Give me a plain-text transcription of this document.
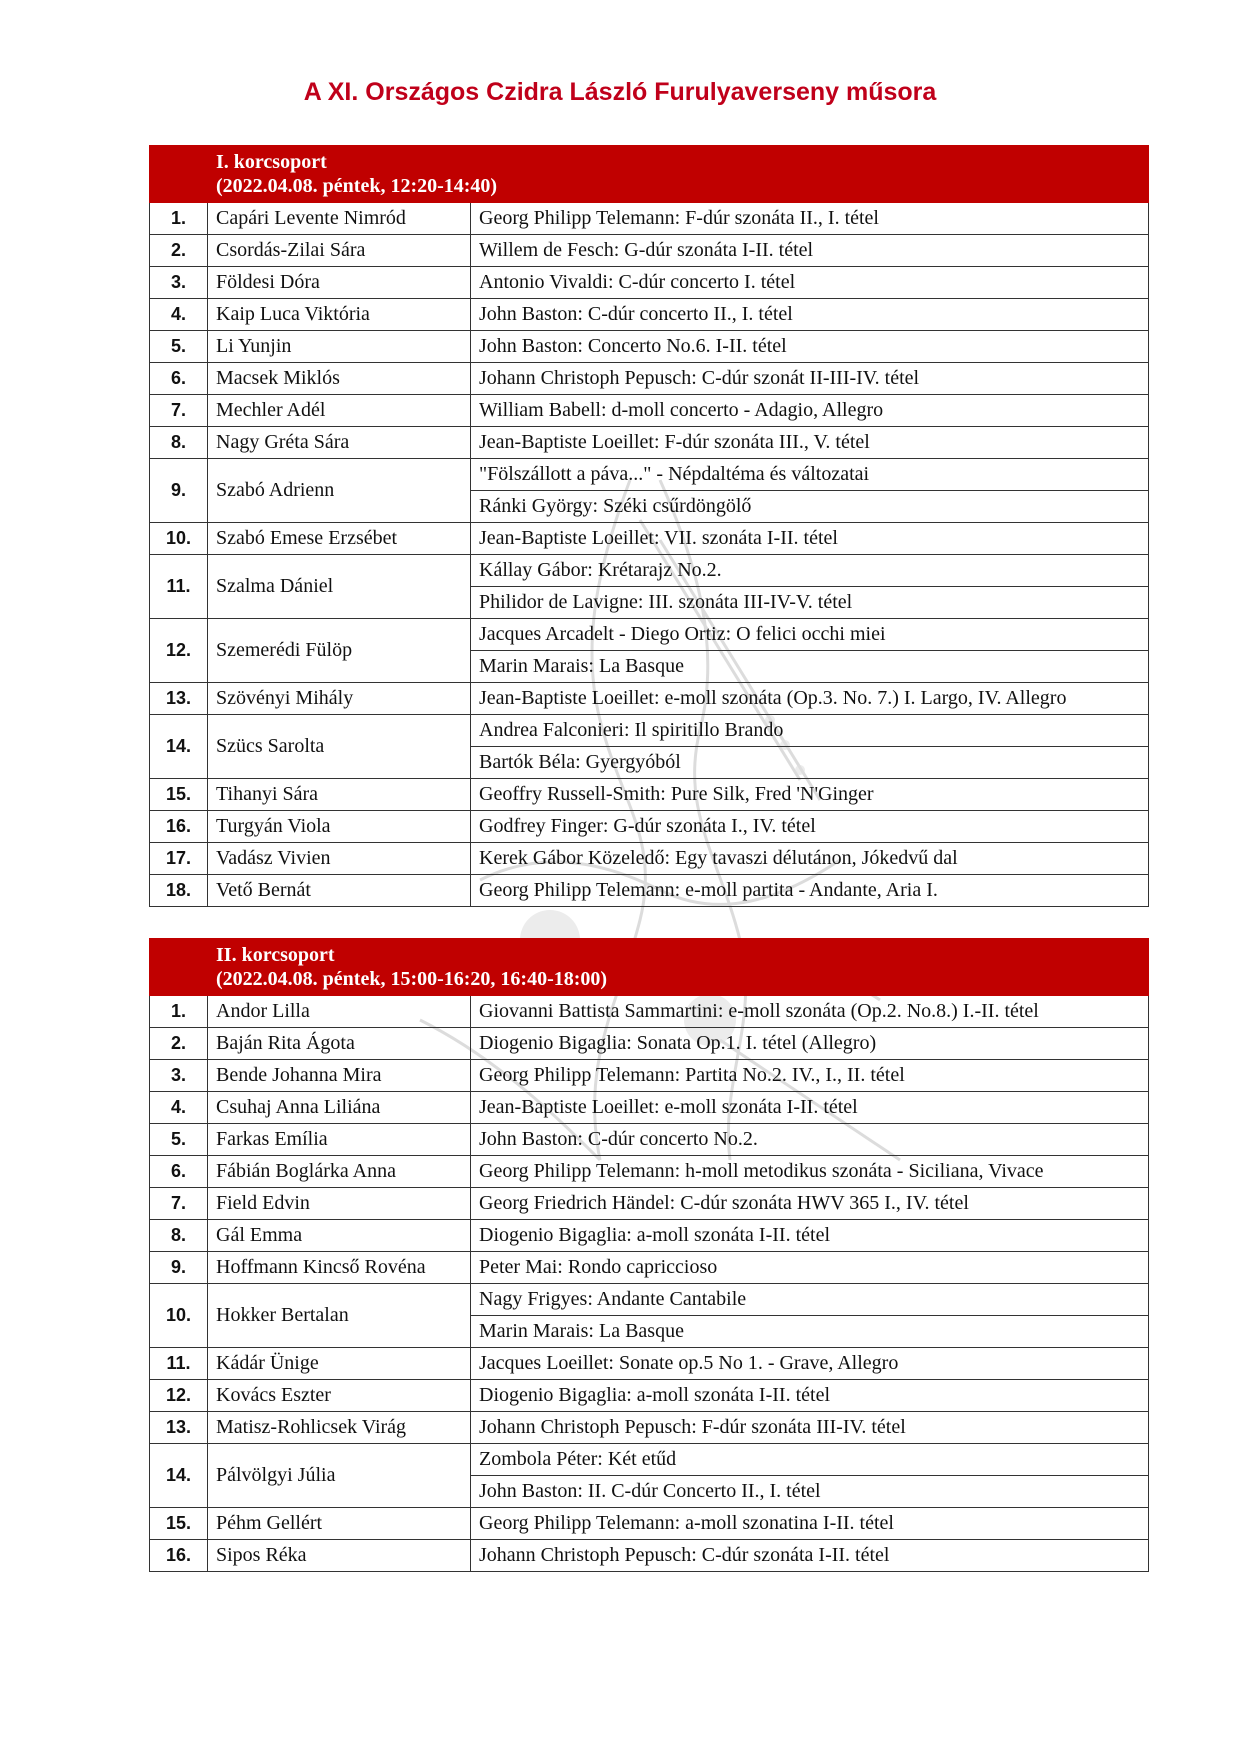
A XI. Országos Czidra László Furulyaverseny műsora

	I. korcsoport
(2022.04.08. péntek, 12:20-14:40)	

1.	Capári Levente Nimród	Georg Philipp Telemann: F-dúr szonáta II., I. tétel
2.	Csordás-Zilai Sára	Willem de Fesch: G-dúr szonáta I-II. tétel
3.	Földesi Dóra	Antonio Vivaldi: C-dúr concerto I. tétel
4.	Kaip Luca Viktória	John Baston: C-dúr concerto II., I. tétel
5.	Li Yunjin	John Baston: Concerto No.6. I-II. tétel
6.	Macsek Miklós	Johann Christoph Pepusch: C-dúr szonát II-III-IV. tétel
7.	Mechler Adél	William Babell: d-moll concerto - Adagio, Allegro
8.	Nagy Gréta Sára	Jean-Baptiste Loeillet: F-dúr szonáta III., V. tétel
9.	Szabó Adrienn	"Fölszállott a páva..." - Népdaltéma és változatai
		Ránki György: Széki csűrdöngölő
10.	Szabó Emese Erzsébet	Jean-Baptiste Loeillet: VII. szonáta I-II. tétel
11.	Szalma Dániel	Kállay Gábor: Krétarajz No.2.
		Philidor de Lavigne: III. szonáta III-IV-V. tétel
12.	Szemerédi Fülöp	Jacques Arcadelt - Diego Ortiz: O felici occhi miei
		Marin Marais: La Basque
13.	Szövényi Mihály	Jean-Baptiste Loeillet: e-moll szonáta (Op.3. No. 7.) I. Largo, IV. Allegro
14.	Szücs Sarolta	Andrea Falconieri: Il spiritillo Brando
		Bartók Béla: Gyergyóból
15.	Tihanyi Sára	Geoffry Russell-Smith: Pure Silk, Fred 'N'Ginger
16.	Turgyán Viola	Godfrey Finger: G-dúr szonáta I., IV. tétel
17.	Vadász Vivien	Kerek Gábor Közeledő: Egy tavaszi délutánon, Jókedvű dal
18.	Vető Bernát	Georg Philipp Telemann: e-moll partita - Andante, Aria I.

	II. korcsoport
(2022.04.08. péntek, 15:00-16:20, 16:40-18:00)	

1.	Andor Lilla	Giovanni Battista Sammartini: e-moll szonáta (Op.2. No.8.) I.-II. tétel
2.	Baján Rita Ágota	Diogenio Bigaglia: Sonata Op.1. I. tétel (Allegro)
3.	Bende Johanna Mira	Georg Philipp Telemann: Partita No.2. IV., I., II. tétel
4.	Csuhaj Anna Liliána	Jean-Baptiste Loeillet: e-moll szonáta I-II. tétel
5.	Farkas Emília	John Baston: C-dúr concerto No.2.
6.	Fábián Boglárka Anna	Georg Philipp Telemann: h-moll metodikus szonáta - Siciliana, Vivace
7.	Field Edvin	Georg Friedrich Händel: C-dúr szonáta HWV 365 I., IV. tétel
8.	Gál Emma	Diogenio Bigaglia: a-moll szonáta I-II. tétel
9.	Hoffmann Kincső Rovéna	Peter Mai: Rondo capriccioso
10.	Hokker Bertalan	Nagy Frigyes: Andante Cantabile
		Marin Marais: La Basque
11.	Kádár Ünige	Jacques Loeillet: Sonate op.5 No 1. - Grave, Allegro
12.	Kovács Eszter	Diogenio Bigaglia: a-moll szonáta I-II. tétel
13.	Matisz-Rohlicsek Virág	Johann Christoph Pepusch: F-dúr szonáta III-IV. tétel
14.	Pálvölgyi Júlia	Zombola Péter: Két etűd
		John Baston: II. C-dúr Concerto II., I. tétel
15.	Péhm Gellért	Georg Philipp Telemann: a-moll szonatina I-II. tétel
16.	Sipos Réka	Johann Christoph Pepusch: C-dúr szonáta I-II. tétel
